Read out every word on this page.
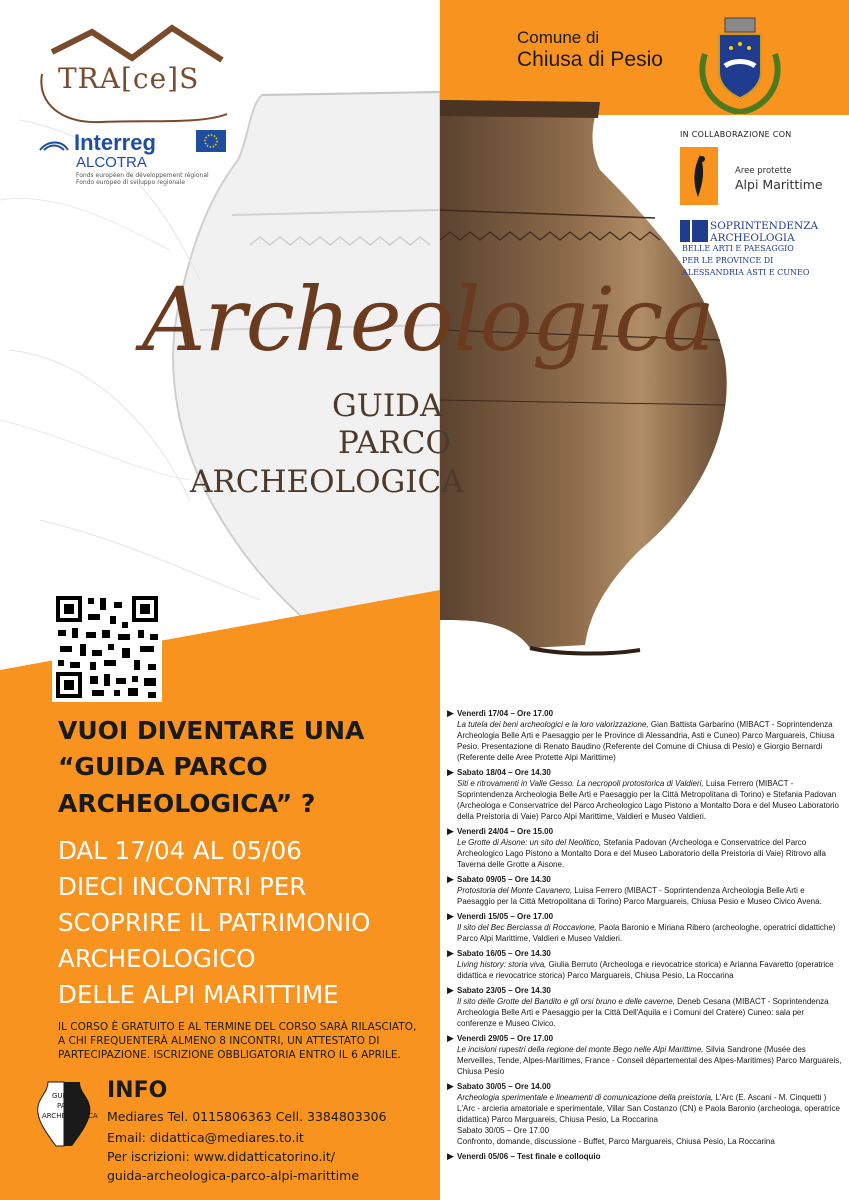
TRA[ce]S
Interreg
ALCOTRA
Fonds européen de développement régional
Fondo europeo di sviluppo regionale
Comune di
Chiusa di Pesio
IN COLLABORAZIONE CON
Aree protette
Alpi Marittime
SOPRINTENDENZA
ARCHEOLOGIA
BELLE ARTI E PAESAGGIO
PER LE PROVINCE DI
ALESSANDRIA ASTI E CUNEO
Archeologica
GUIDA
PARCO
ARCHEOLOGICA
VUOI DIVENTARE UNA
“GUIDA PARCO
ARCHEOLOGICA” ?
DAL 17/04 AL 05/06
DIECI INCONTRI PER
SCOPRIRE IL PATRIMONIO
ARCHEOLOGICO
DELLE ALPI MARITTIME
IL CORSO È GRATUITO E AL TERMINE DEL CORSO SARÀ RILASCIATO,
A CHI FREQUENTERÀ ALMENO 8 INCONTRI, UN ATTESTATO DI
PARTECIPAZIONE. ISCRIZIONE OBBLIGATORIA ENTRO IL 6 APRILE.
GUIDA
PARCO
ARCHEOLOGICA
INFO
Mediares Tel. 0115806363 Cell. 3384803306
Email: didattica@mediares.to.it
Per iscrizioni: www.didatticatorino.it/
guida-archeologica-parco-alpi-marittime
▶ Venerdì 17/04 – Ore 17.00
La tutela dei beni archeologici e la loro valorizzazione, Gian Battista Garbarino (MIBACT - Soprintendenza Archeologia Belle Arti e Paesaggio per le Province di Alessandria, Asti e Cuneo) Parco Marguareis, Chiusa Pesio. Presentazione di Renato Baudino (Referente del Comune di Chiusa di Pesio) e Giorgio Bernardi (Referente delle Aree Protette Alpi Marittime)
▶ Sabato 18/04 – Ore 14.30
Siti e ritrovamenti in Valle Gesso. La necropoli protostorica di Valdieri, Luisa Ferrero (MIBACT - Soprintendenza Archeologia Belle Arti e Paesaggio per la Città Metropolitana di Torino) e Stefania Padovan (Archeologa e Conservatrice del Parco Archeologico Lago Pistono a Montalto Dora e del Museo Laboratorio della Preistoria di Vaie) Parco Alpi Marittime, Valdieri e Museo Valdieri.
▶ Venerdì 24/04 – Ore 15.00
Le Grotte di Aisone: un sito del Neolitico, Stefania Padovan (Archeologa e Conservatrice del Parco Archeologico Lago Pistono a Montalto Dora e del Museo Laboratorio della Preistoria di Vaie) Ritrovo alla Taverna delle Grotte a Aisone.
▶ Sabato 09/05 – Ore 14.30
Protostoria del Monte Cavanero, Luisa Ferrero (MIBACT - Soprintendenza Archeologia Belle Arti e Paesaggio per la Città Metropolitana di Torino) Parco Marguareis, Chiusa Pesio e Museo Civico Avena.
▶ Venerdì 15/05 – Ore 17.00
Il sito del Bec Berciassa di Roccavione, Paola Baronio e Miriana Ribero (archeologhe, operatrici didattiche) Parco Alpi Marittime, Valdieri e Museo Valdieri.
▶ Sabato 16/05 – Ore 14.30
Living history: storia viva, Giulia Berruto (Archeologa e rievocatrice storica) e Arianna Favaretto (operatrice didattica e rievocatrice storica) Parco Marguareis, Chiusa Pesio, La Roccarina
▶ Sabato 23/05 – Ore 14.30
Il sito delle Grotte del Bandito e gli orsi bruno e delle caverne, Deneb Cesana (MIBACT - Soprintendenza Archeologia Belle Arti e Paesaggio per la Città Dell'Aquila e i Comuni del Cratere) Cuneo: sala per conferenze e Museo Civico.
▶ Venerdì 29/05 – Ore 17.00
Le incisioni rupestri della regione del monte Bego nelle Alpi Marittime, Silvia Sandrone (Musée des Merveilles, Tende, Alpes-Maritimes, France - Conseil départemental des Alpes-Maritimes) Parco Marguareis, Chiusa Pesio
▶ Sabato 30/05 – Ore 14.00
Archeologia sperimentale e lineamenti di comunicazione della preistoria, L'Arc (E. Ascani - M. Cinquetti ) L'Arc - arcieria amatoriale e sperimentale, Villar San Costanzo (CN) e Paola Baronio (archeologa, operatrice didattica) Parco Marguareis, Chiusa Pesio, La Roccarina
Sabato 30/05 – Ore 17.00
Confronto, domande, discussione - Buffet, Parco Marguareis, Chiusa Pesio, La Roccarina
▶ Venerdì 05/06 – Test finale e colloquio
